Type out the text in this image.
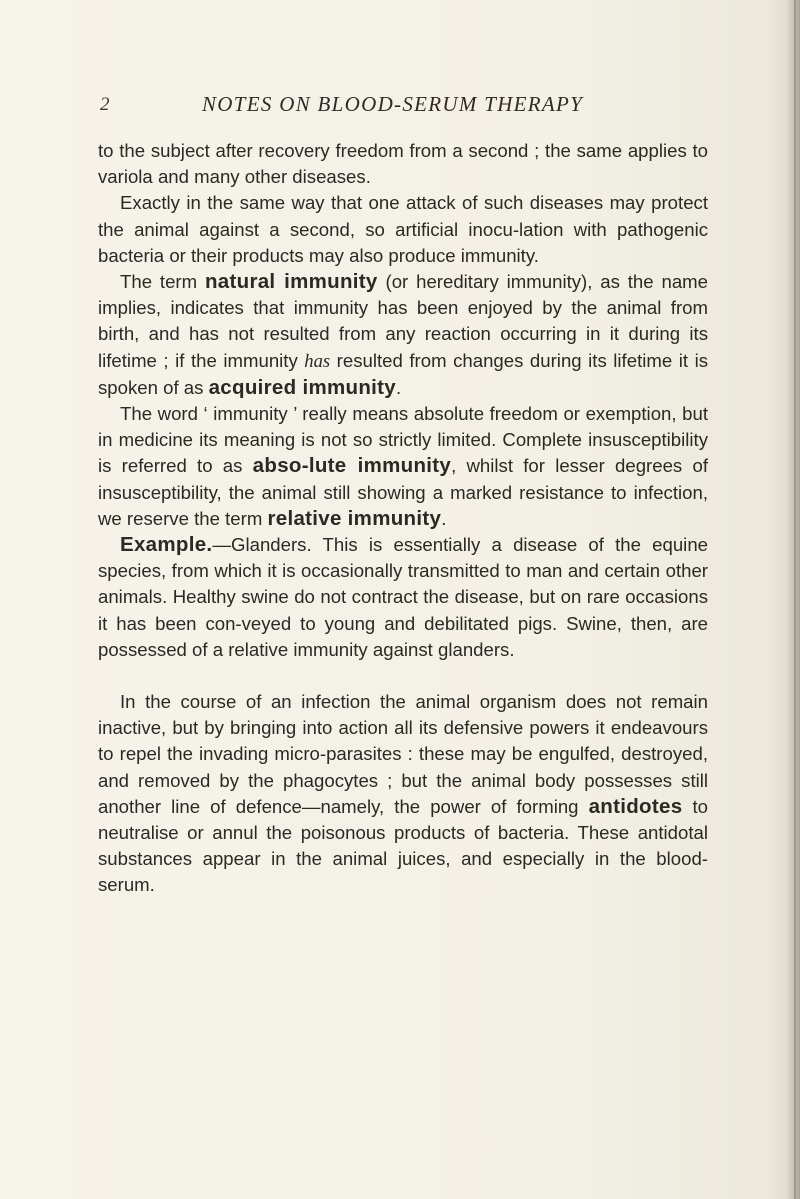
2	NOTES ON BLOOD-SERUM THERAPY

to the subject after recovery freedom from a second ; the same applies to variola and many other diseases.

Exactly in the same way that one attack of such diseases may protect the animal against a second, so artificial inocu-lation with pathogenic bacteria or their products may also produce immunity.

The term natural immunity (or hereditary immunity), as the name implies, indicates that immunity has been enjoyed by the animal from birth, and has not resulted from any reaction occurring in it during its lifetime ; if the immunity has resulted from changes during its lifetime it is spoken of as acquired immunity.

The word ‘ immunity ’ really means absolute freedom or exemption, but in medicine its meaning is not so strictly limited. Complete insusceptibility is referred to as abso-lute immunity, whilst for lesser degrees of insusceptibility, the animal still showing a marked resistance to infection, we reserve the term relative immunity.

Example.—Glanders. This is essentially a disease of the equine species, from which it is occasionally transmitted to man and certain other animals. Healthy swine do not contract the disease, but on rare occasions it has been con-veyed to young and debilitated pigs. Swine, then, are possessed of a relative immunity against glanders.

In the course of an infection the animal organism does not remain inactive, but by bringing into action all its defensive powers it endeavours to repel the invading micro-parasites : these may be engulfed, destroyed, and removed by the phagocytes ; but the animal body possesses still another line of defence—namely, the power of forming antidotes to neutralise or annul the poisonous products of bacteria. These antidotal substances appear in the animal juices, and especially in the blood-serum.
